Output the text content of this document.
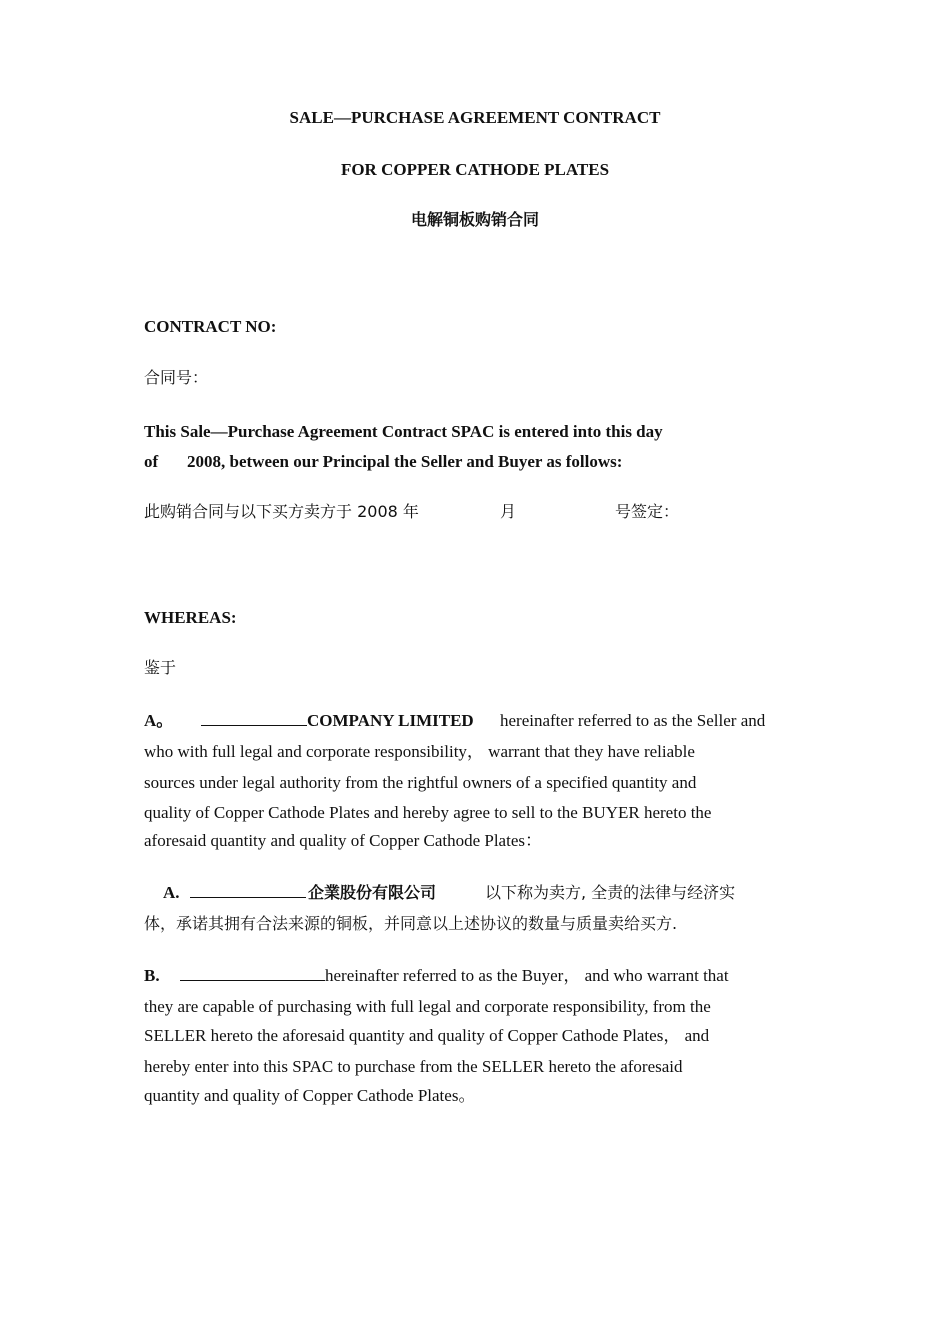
SALE—PURCHASE AGREEMENT CONTRACT
FOR COPPER CATHODE PLATES
电解铜板购销合同
CONTRACT NO:
合同号：
This Sale—Purchase Agreement Contract SPAC is entered into this day
of 2008, between our Principal the Seller and Buyer as follows:
此购销合同与以下买方卖方于 2008 年	月	号签定：
WHEREAS:
鉴于
A。	COMPANY LIMITED hereinafter referred to as the Seller and
who with full legal and corporate responsibility， warrant that they have reliable
sources under legal authority from the rightful owners of a specified quantity and
quality of Copper Cathode Plates and hereby agree to sell to the BUYER hereto the
aforesaid quantity and quality of Copper Cathode Plates：
A.	企業股份有限公司	以下称为卖方, 全责的法律与经济实
体，承诺其拥有合法来源的铜板，并同意以上述协议的数量与质量卖给买方.
B.	hereinafter referred to as the Buyer， and who warrant that
they are capable of purchasing with full legal and corporate responsibility, from the
SELLER hereto the aforesaid quantity and quality of Copper Cathode Plates， and
hereby enter into this SPAC to purchase from the SELLER hereto the aforesaid
quantity and quality of Copper Cathode Plates。
